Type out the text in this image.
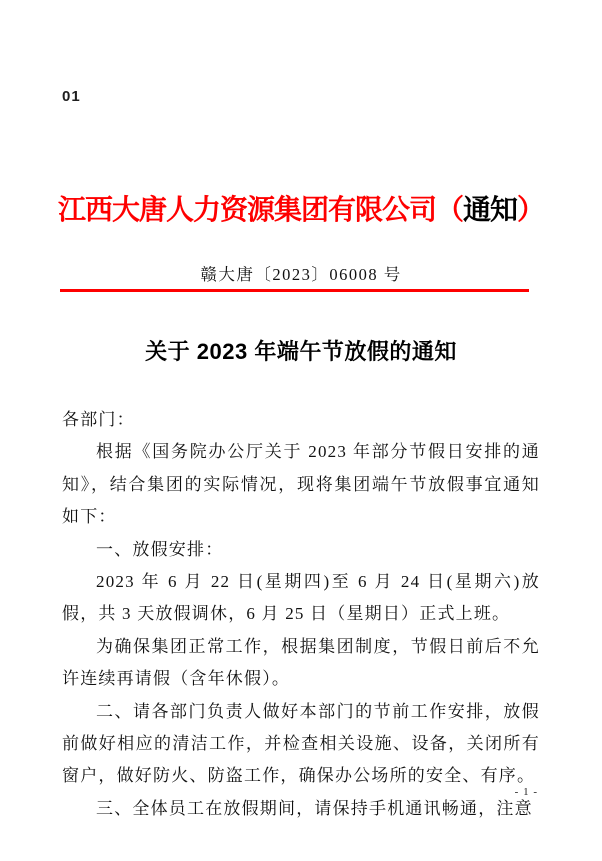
01
江西大唐人力资源集团有限公司（通知）
赣大唐〔2023〕06008 号
关于 2023 年端午节放假的通知

各部门：

根据《国务院办公厅关于 2023 年部分节假日安排的通知》，结合集团的实际情况，现将集团端午节放假事宜通知如下：

一、放假安排：

2023 年 6 月 22 日(星期四)至 6 月 24 日(星期六)放假，共 3 天放假调休，6 月 25 日（星期日）正式上班。

为确保集团正常工作，根据集团制度，节假日前后不允许连续再请假（含年休假）。

二、请各部门负责人做好本部门的节前工作安排，放假前做好相应的清洁工作，并检查相关设施、设备，关闭所有窗户，做好防火、防盗工作，确保办公场所的安全、有序。

三、全体员工在放假期间，请保持手机通讯畅通，注意

- 1 -
